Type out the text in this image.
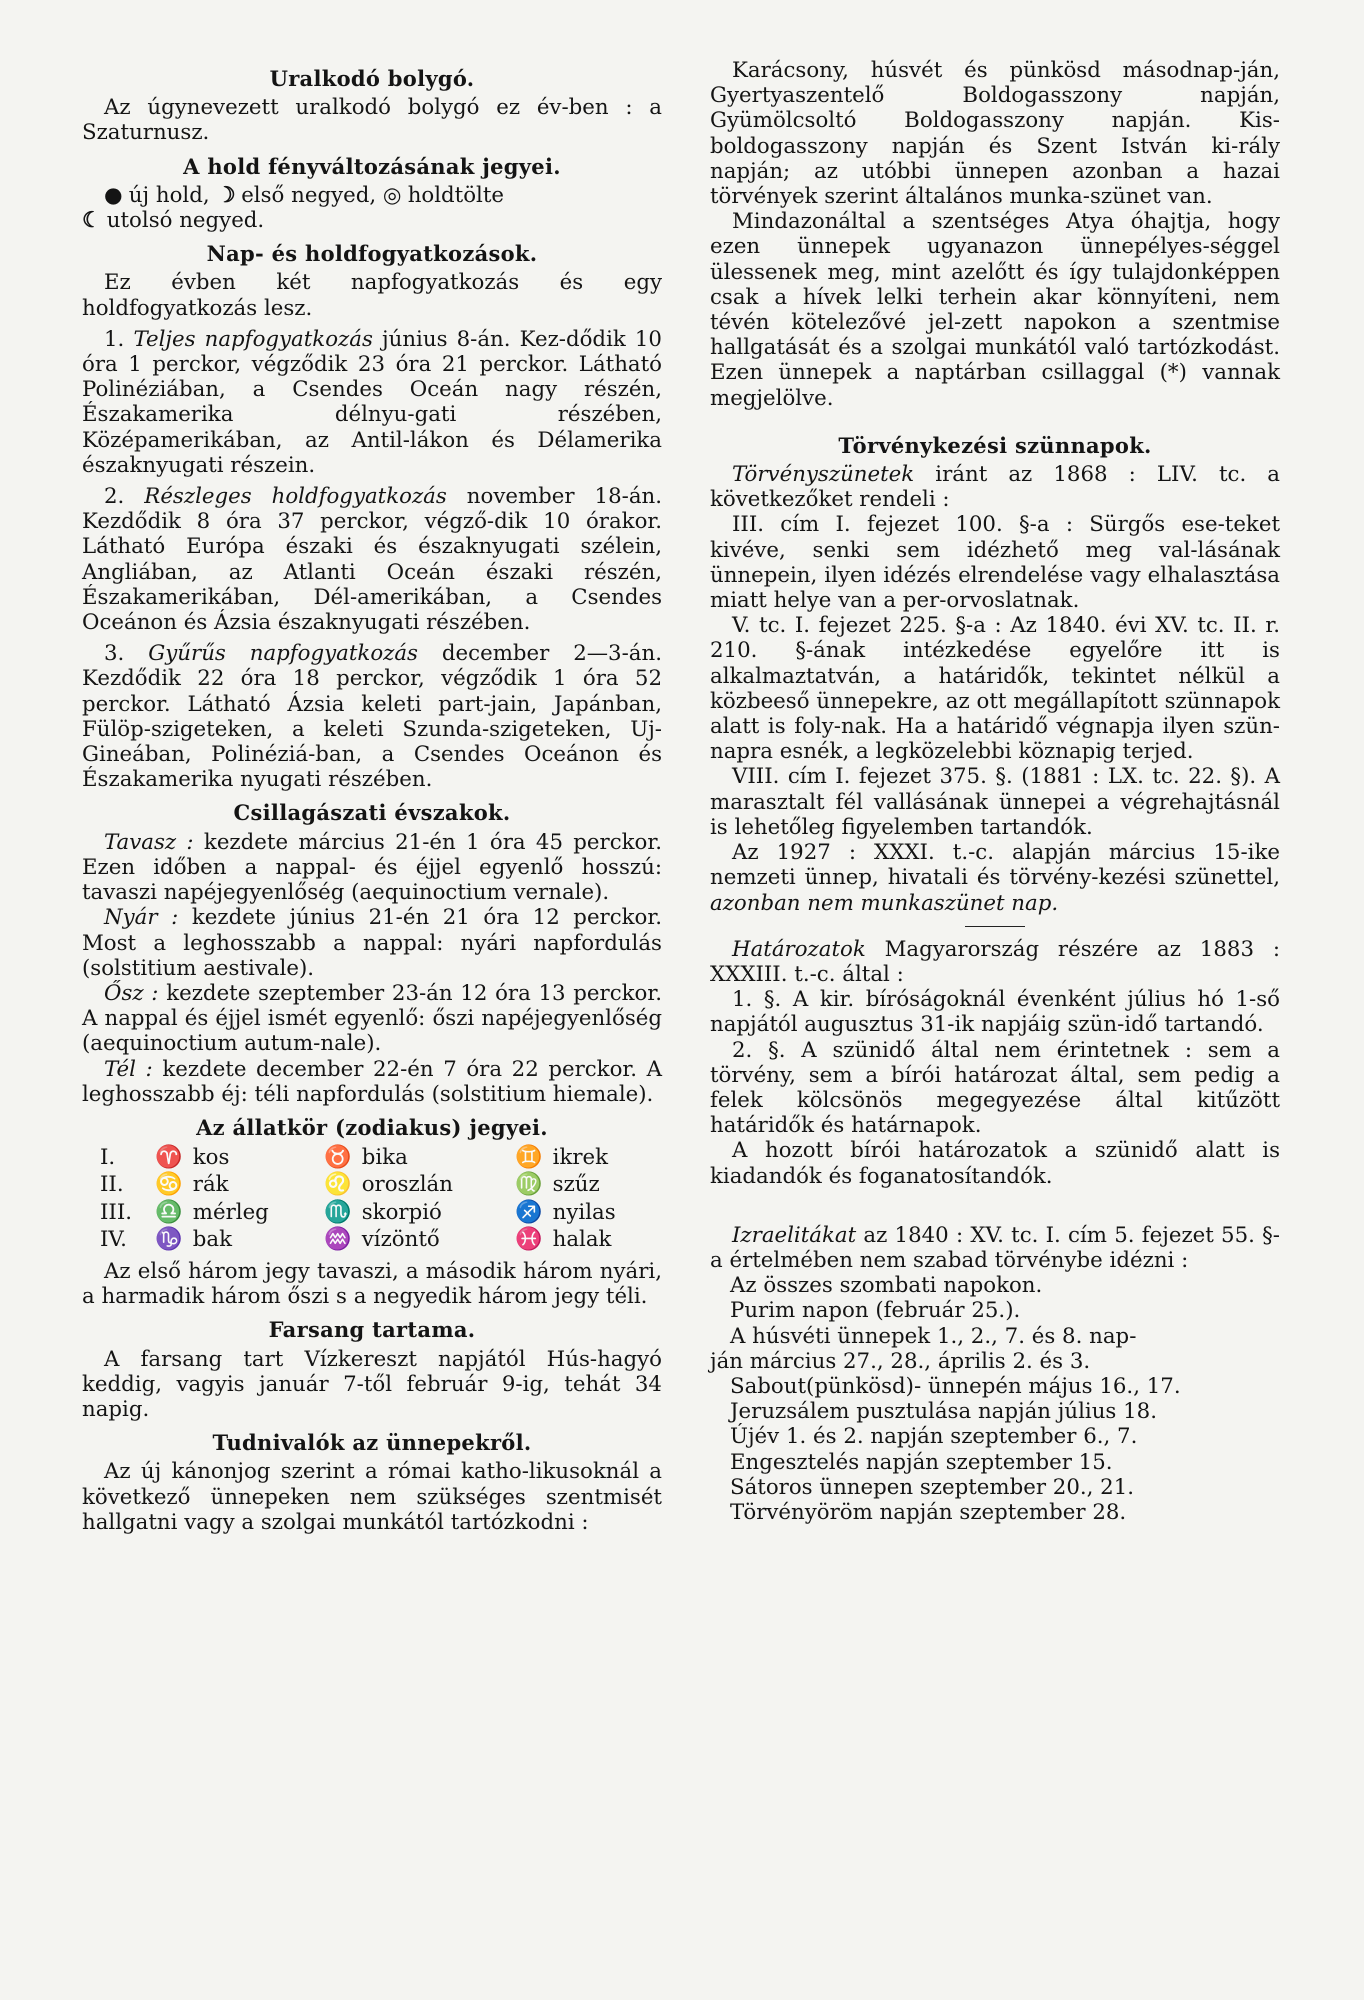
Uralkodó bolygó.

Az úgynevezett uralkodó bolygó ez év-ben : a Szaturnusz.

A hold fényváltozásának jegyei.

● új hold, ☽ első negyed, ◎ holdtölte

☾ utolsó negyed.

Nap- és holdfogyatkozások.

Ez évben két napfogyatkozás és egy holdfogyatkozás lesz.

1. Teljes napfogyatkozás június 8-án. Kez-dődik 10 óra 1 perckor, végződik 23 óra 21 perckor. Látható Polinéziában, a Csendes Oceán nagy részén, Északamerika délnyu-gati részében, Középamerikában, az Antil-lákon és Délamerika északnyugati részein.

2. Részleges holdfogyatkozás november 18-án. Kezdődik 8 óra 37 perckor, végző-dik 10 órakor. Látható Európa északi és északnyugati szélein, Angliában, az Atlanti Oceán északi részén, Északamerikában, Dél-amerikában, a Csendes Oceánon és Ázsia északnyugati részében.

3. Gyűrűs napfogyatkozás december 2—3-án. Kezdődik 22 óra 18 perckor, végződik 1 óra 52 perckor. Látható Ázsia keleti part-jain, Japánban, Fülöp-szigeteken, a keleti Szunda-szigeteken, Uj-Gineában, Polinéziá-ban, a Csendes Oceánon és Északamerika nyugati részében.

Csillagászati évszakok.

Tavasz : kezdete március 21-én 1 óra 45 perckor. Ezen időben a nappal- és éjjel egyenlő hosszú: tavaszi napéjegyenlőség (aequinoctium vernale).

Nyár : kezdete június 21-én 21 óra 12 perckor. Most a leghosszabb a nappal: nyári napfordulás (solstitium aestivale).

Ősz : kezdete szeptember 23-án 12 óra 13 perckor. A nappal és éjjel ismét egyenlő: őszi napéjegyenlőség (aequinoctium autum-nale).

Tél : kezdete december 22-én 7 óra 22 perckor. A leghosszabb éj: téli napfordulás (solstitium hiemale).

Az állatkör (zodiakus) jegyei.
I.	♈ kos	♉ bika	♊ ikrek
II.	♋ rák	♌ oroszlán	♍ szűz
III.	♎ mérleg	♏ skorpió	♐ nyilas
IV.	♑ bak	♒ vízöntő	♓ halak

Az első három jegy tavaszi, a második három nyári, a harmadik három őszi s a negyedik három jegy téli.

Farsang tartama.

A farsang tart Vízkereszt napjától Hús-hagyó keddig, vagyis január 7-től február 9-ig, tehát 34 napig.

Tudnivalók az ünnepekről.

Az új kánonjog szerint a római katho-likusoknál a következő ünnepeken nem szükséges szentmisét hallgatni vagy a szolgai munkától tartózkodni :

Karácsony, húsvét és pünkösd másodnap-ján, Gyertyaszentelő Boldogasszony napján, Gyümölcsoltó Boldogasszony napján. Kis-boldogasszony napján és Szent István ki-rály napján; az utóbbi ünnepen azonban a hazai törvények szerint általános munka-szünet van.

Mindazonáltal a szentséges Atya óhajtja, hogy ezen ünnepek ugyanazon ünnepélyes-séggel ülessenek meg, mint azelőtt és így tulajdonképpen csak a hívek lelki terhein akar könnyíteni, nem tévén kötelezővé jel-zett napokon a szentmise hallgatását és a szolgai munkától való tartózkodást. Ezen ünnepek a naptárban csillaggal (*) vannak megjelölve.

Törvénykezési szünnapok.

Törvényszünetek iránt az 1868 : LIV. tc. a következőket rendeli :

III. cím I. fejezet 100. §-a : Sürgős ese-teket kivéve, senki sem idézhető meg val-lásának ünnepein, ilyen idézés elrendelése vagy elhalasztása miatt helye van a per-orvoslatnak.

V. tc. I. fejezet 225. §-a : Az 1840. évi XV. tc. II. r. 210. §-ának intézkedése egyelőre itt is alkalmaztatván, a határidők, tekintet nélkül a közbeeső ünnepekre, az ott megállapított szünnapok alatt is foly-nak. Ha a határidő végnapja ilyen szün-napra esnék, a legközelebbi köznapig terjed.

VIII. cím I. fejezet 375. §. (1881 : LX. tc. 22. §). A marasztalt fél vallásának ünnepei a végrehajtásnál is lehetőleg figyelemben tartandók.

Az 1927 : XXXI. t.-c. alapján március 15-ike nemzeti ünnep, hivatali és törvény-kezési szünettel, azonban nem munkaszünet nap.

Határozatok Magyarország részére az 1883 : XXXIII. t.-c. által :

1. §. A kir. bíróságoknál évenként július hó 1-ső napjától augusztus 31-ik napjáig szün-idő tartandó.

2. §. A szünidő által nem érintetnek : sem a törvény, sem a bírói határozat által, sem pedig a felek kölcsönös megegyezése által kitűzött határidők és határnapok.

A hozott bírói határozatok a szünidő alatt is kiadandók és foganatosítandók.

Izraelitákat az 1840 : XV. tc. I. cím 5. fejezet 55. §-a értelmében nem szabad törvénybe idézni :

Az összes szombati napokon.

Purim napon (február 25.).

A húsvéti ünnepek 1., 2., 7. és 8. nap-

ján március 27., 28., április 2. és 3.

Sabout(pünkösd)- ünnepén május 16., 17.

Jeruzsálem pusztulása napján július 18.

Újév 1. és 2. napján szeptember 6., 7.

Engesztelés napján szeptember 15.

Sátoros ünnepen szeptember 20., 21.

Törvényöröm napján szeptember 28.
